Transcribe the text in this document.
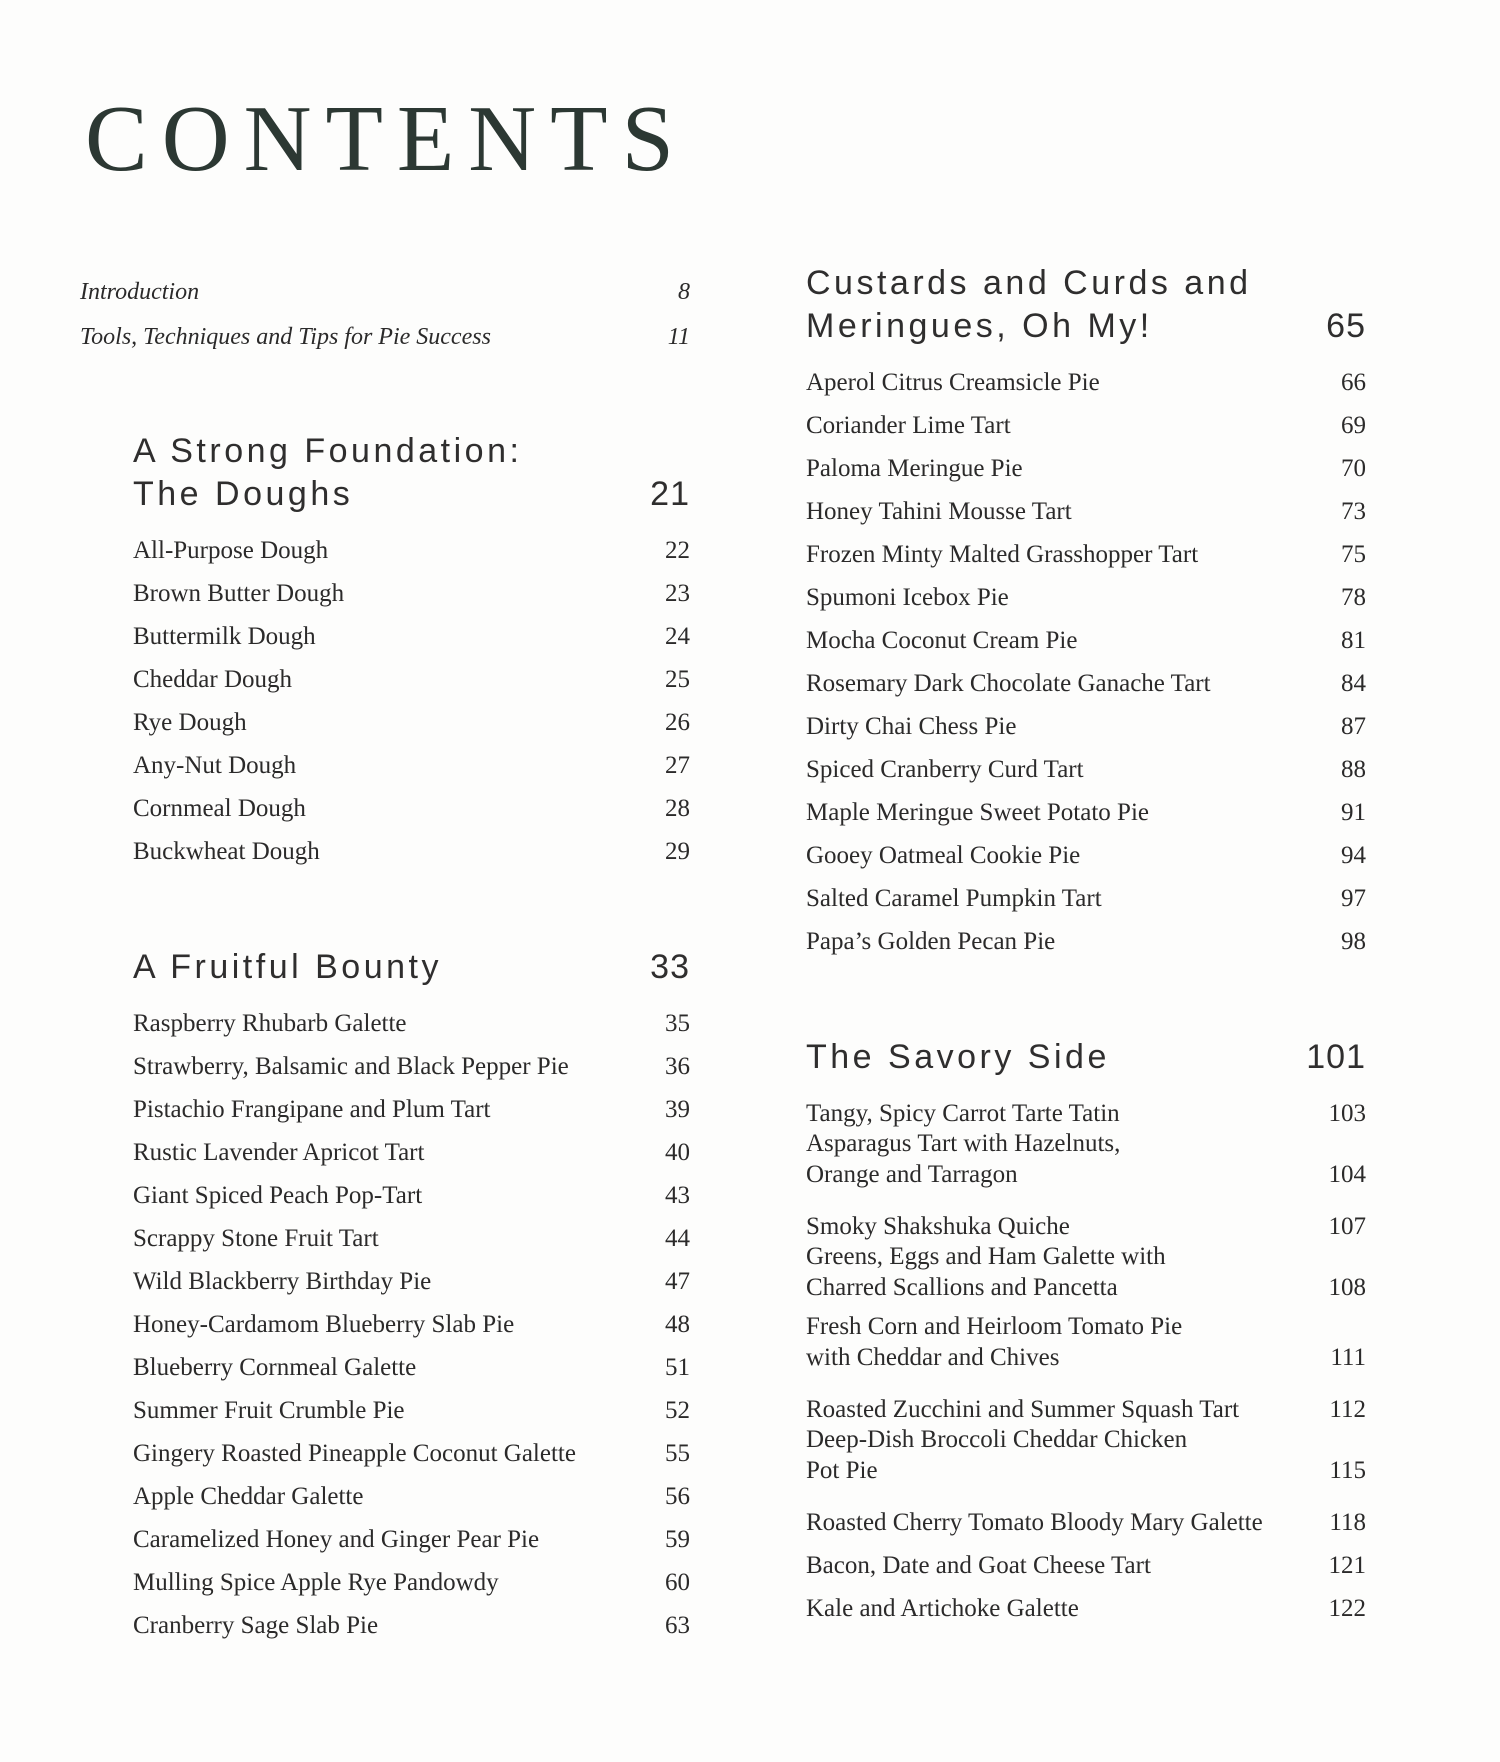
CONTENTS
Introduction	8
Tools, Techniques and Tips for Pie Success	11
A Strong Foundation:
The Doughs	21
All-Purpose Dough	22
Brown Butter Dough	23
Buttermilk Dough	24
Cheddar Dough	25
Rye Dough	26
Any-Nut Dough	27
Cornmeal Dough	28
Buckwheat Dough	29
A Fruitful Bounty	33
Raspberry Rhubarb Galette	35
Strawberry, Balsamic and Black Pepper Pie	36
Pistachio Frangipane and Plum Tart	39
Rustic Lavender Apricot Tart	40
Giant Spiced Peach Pop-Tart	43
Scrappy Stone Fruit Tart	44
Wild Blackberry Birthday Pie	47
Honey-Cardamom Blueberry Slab Pie	48
Blueberry Cornmeal Galette	51
Summer Fruit Crumble Pie	52
Gingery Roasted Pineapple Coconut Galette	55
Apple Cheddar Galette	56
Caramelized Honey and Ginger Pear Pie	59
Mulling Spice Apple Rye Pandowdy	60
Cranberry Sage Slab Pie	63
Custards and Curds and
Meringues, Oh My!	65
Aperol Citrus Creamsicle Pie	66
Coriander Lime Tart	69
Paloma Meringue Pie	70
Honey Tahini Mousse Tart	73
Frozen Minty Malted Grasshopper Tart	75
Spumoni Icebox Pie	78
Mocha Coconut Cream Pie	81
Rosemary Dark Chocolate Ganache Tart	84
Dirty Chai Chess Pie	87
Spiced Cranberry Curd Tart	88
Maple Meringue Sweet Potato Pie	91
Gooey Oatmeal Cookie Pie	94
Salted Caramel Pumpkin Tart	97
Papa’s Golden Pecan Pie	98
The Savory Side	101
Tangy, Spicy Carrot Tarte Tatin	103
Asparagus Tart with Hazelnuts,
Orange and Tarragon	104
Smoky Shakshuka Quiche	107
Greens, Eggs and Ham Galette with
Charred Scallions and Pancetta	108
Fresh Corn and Heirloom Tomato Pie
with Cheddar and Chives	111
Roasted Zucchini and Summer Squash Tart	112
Deep-Dish Broccoli Cheddar Chicken
Pot Pie	115
Roasted Cherry Tomato Bloody Mary Galette	118
Bacon, Date and Goat Cheese Tart	121
Kale and Artichoke Galette	122
